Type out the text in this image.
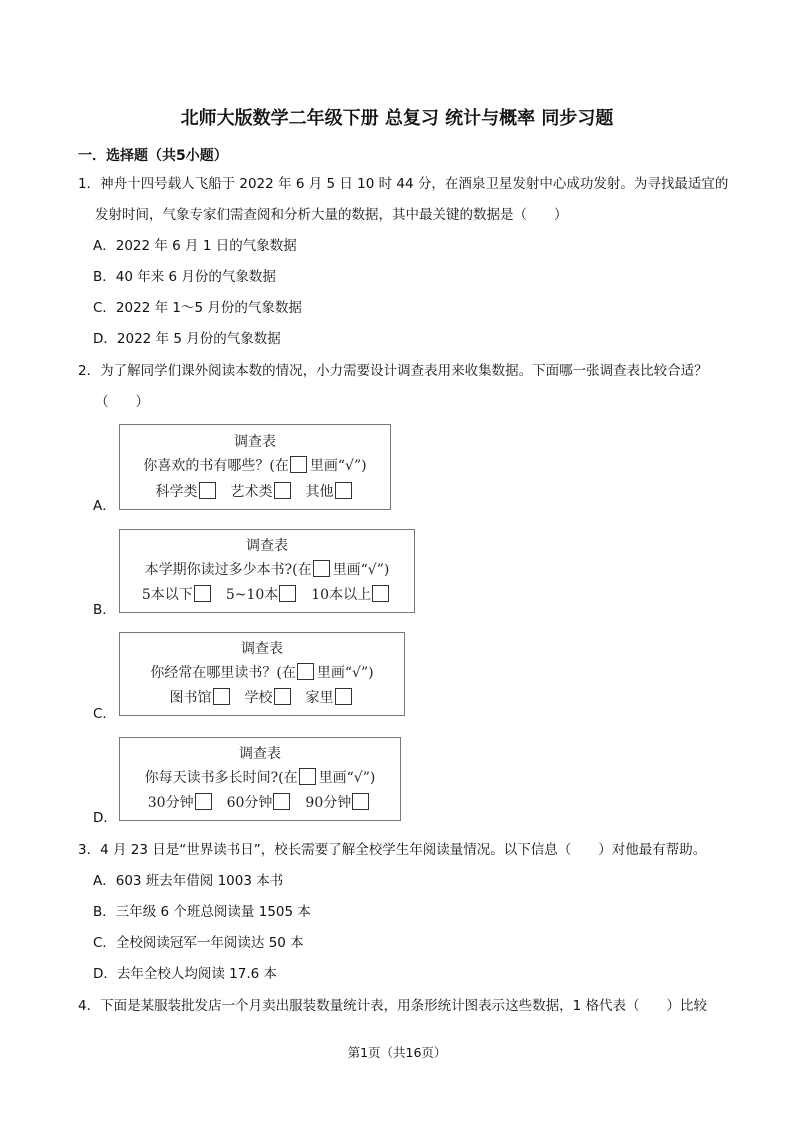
北师大版数学二年级下册 总复习 统计与概率 同步习题
一．选择题（共5小题）
1．神舟十四号载人飞船于 2022 年 6 月 5 日 10 时 44 分，在酒泉卫星发射中心成功发射。为寻找最适宜的
发射时间，气象专家们需查阅和分析大量的数据，其中最关键的数据是（　　）
A．2022 年 6 月 1 日的气象数据
B．40 年来 6 月份的气象数据
C．2022 年 1～5 月份的气象数据
D．2022 年 5 月份的气象数据
2．为了解同学们课外阅读本数的情况，小力需要设计调查表用来收集数据。下面哪一张调查表比较合适？
（　　）
A．
调查表
你喜欢的书有哪些？(在 里画“√”)
科学类 艺术类 其他
B．
调查表
本学期你读过多少本书?(在 里画“√”)
5本以下 5~10本 10本以上
C．
调查表
你经常在哪里读书？(在 里画“√”)
图书馆 学校 家里
D．
调查表
你每天读书多长时间?(在 里画“√”)
30分钟 60分钟 90分钟
3．4 月 23 日是“世界读书日”，校长需要了解全校学生年阅读量情况。以下信息（　　）对他最有帮助。
A．603 班去年借阅 1003 本书
B．三年级 6 个班总阅读量 1505 本
C．全校阅读冠军一年阅读达 50 本
D．去年全校人均阅读 17.6 本
4．下面是某服装批发店一个月卖出服装数量统计表，用条形统计图表示这些数据，1 格代表（　　）比较
第1页（共16页）
